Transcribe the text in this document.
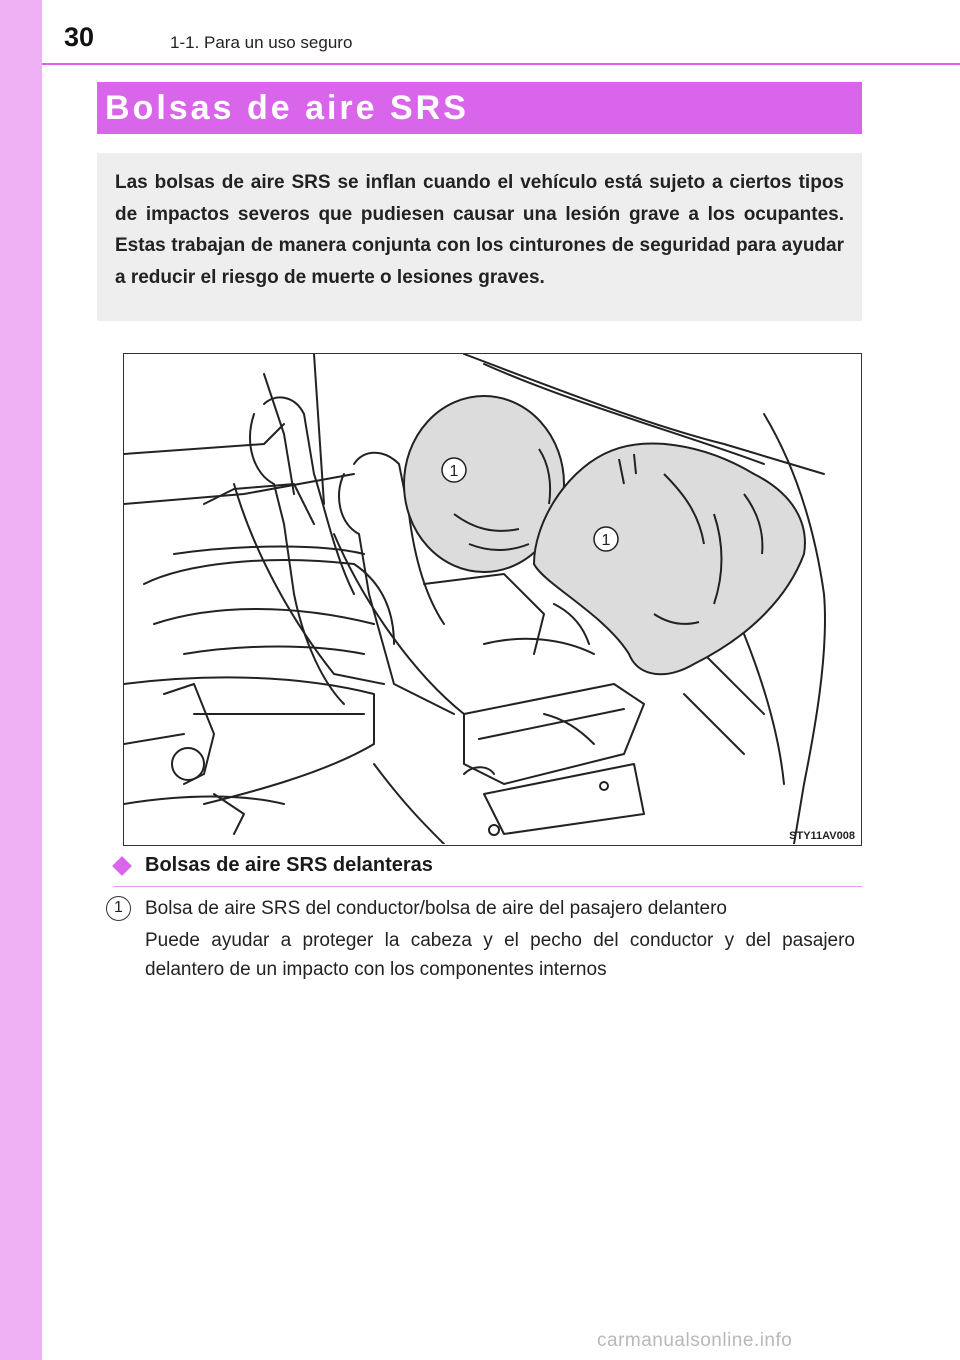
30	1-1. Para un uso seguro
Bolsas de aire SRS

Las bolsas de aire SRS se inflan cuando el vehículo está sujeto a ciertos tipos de impactos severos que pudiesen causar una lesión grave a los ocupantes. Estas trabajan de manera conjunta con los cinturones de seguridad para ayudar a reducir el riesgo de muerte o lesiones graves.

1
1
STY11AV008
Bolsas de aire SRS delanteras
1	Bolsa de aire SRS del conductor/bolsa de aire del pasajero delantero

Puede ayudar a proteger la cabeza y el pecho del conductor y del pasajero delantero de un impacto con los componentes internos

carmanualsonline.info
